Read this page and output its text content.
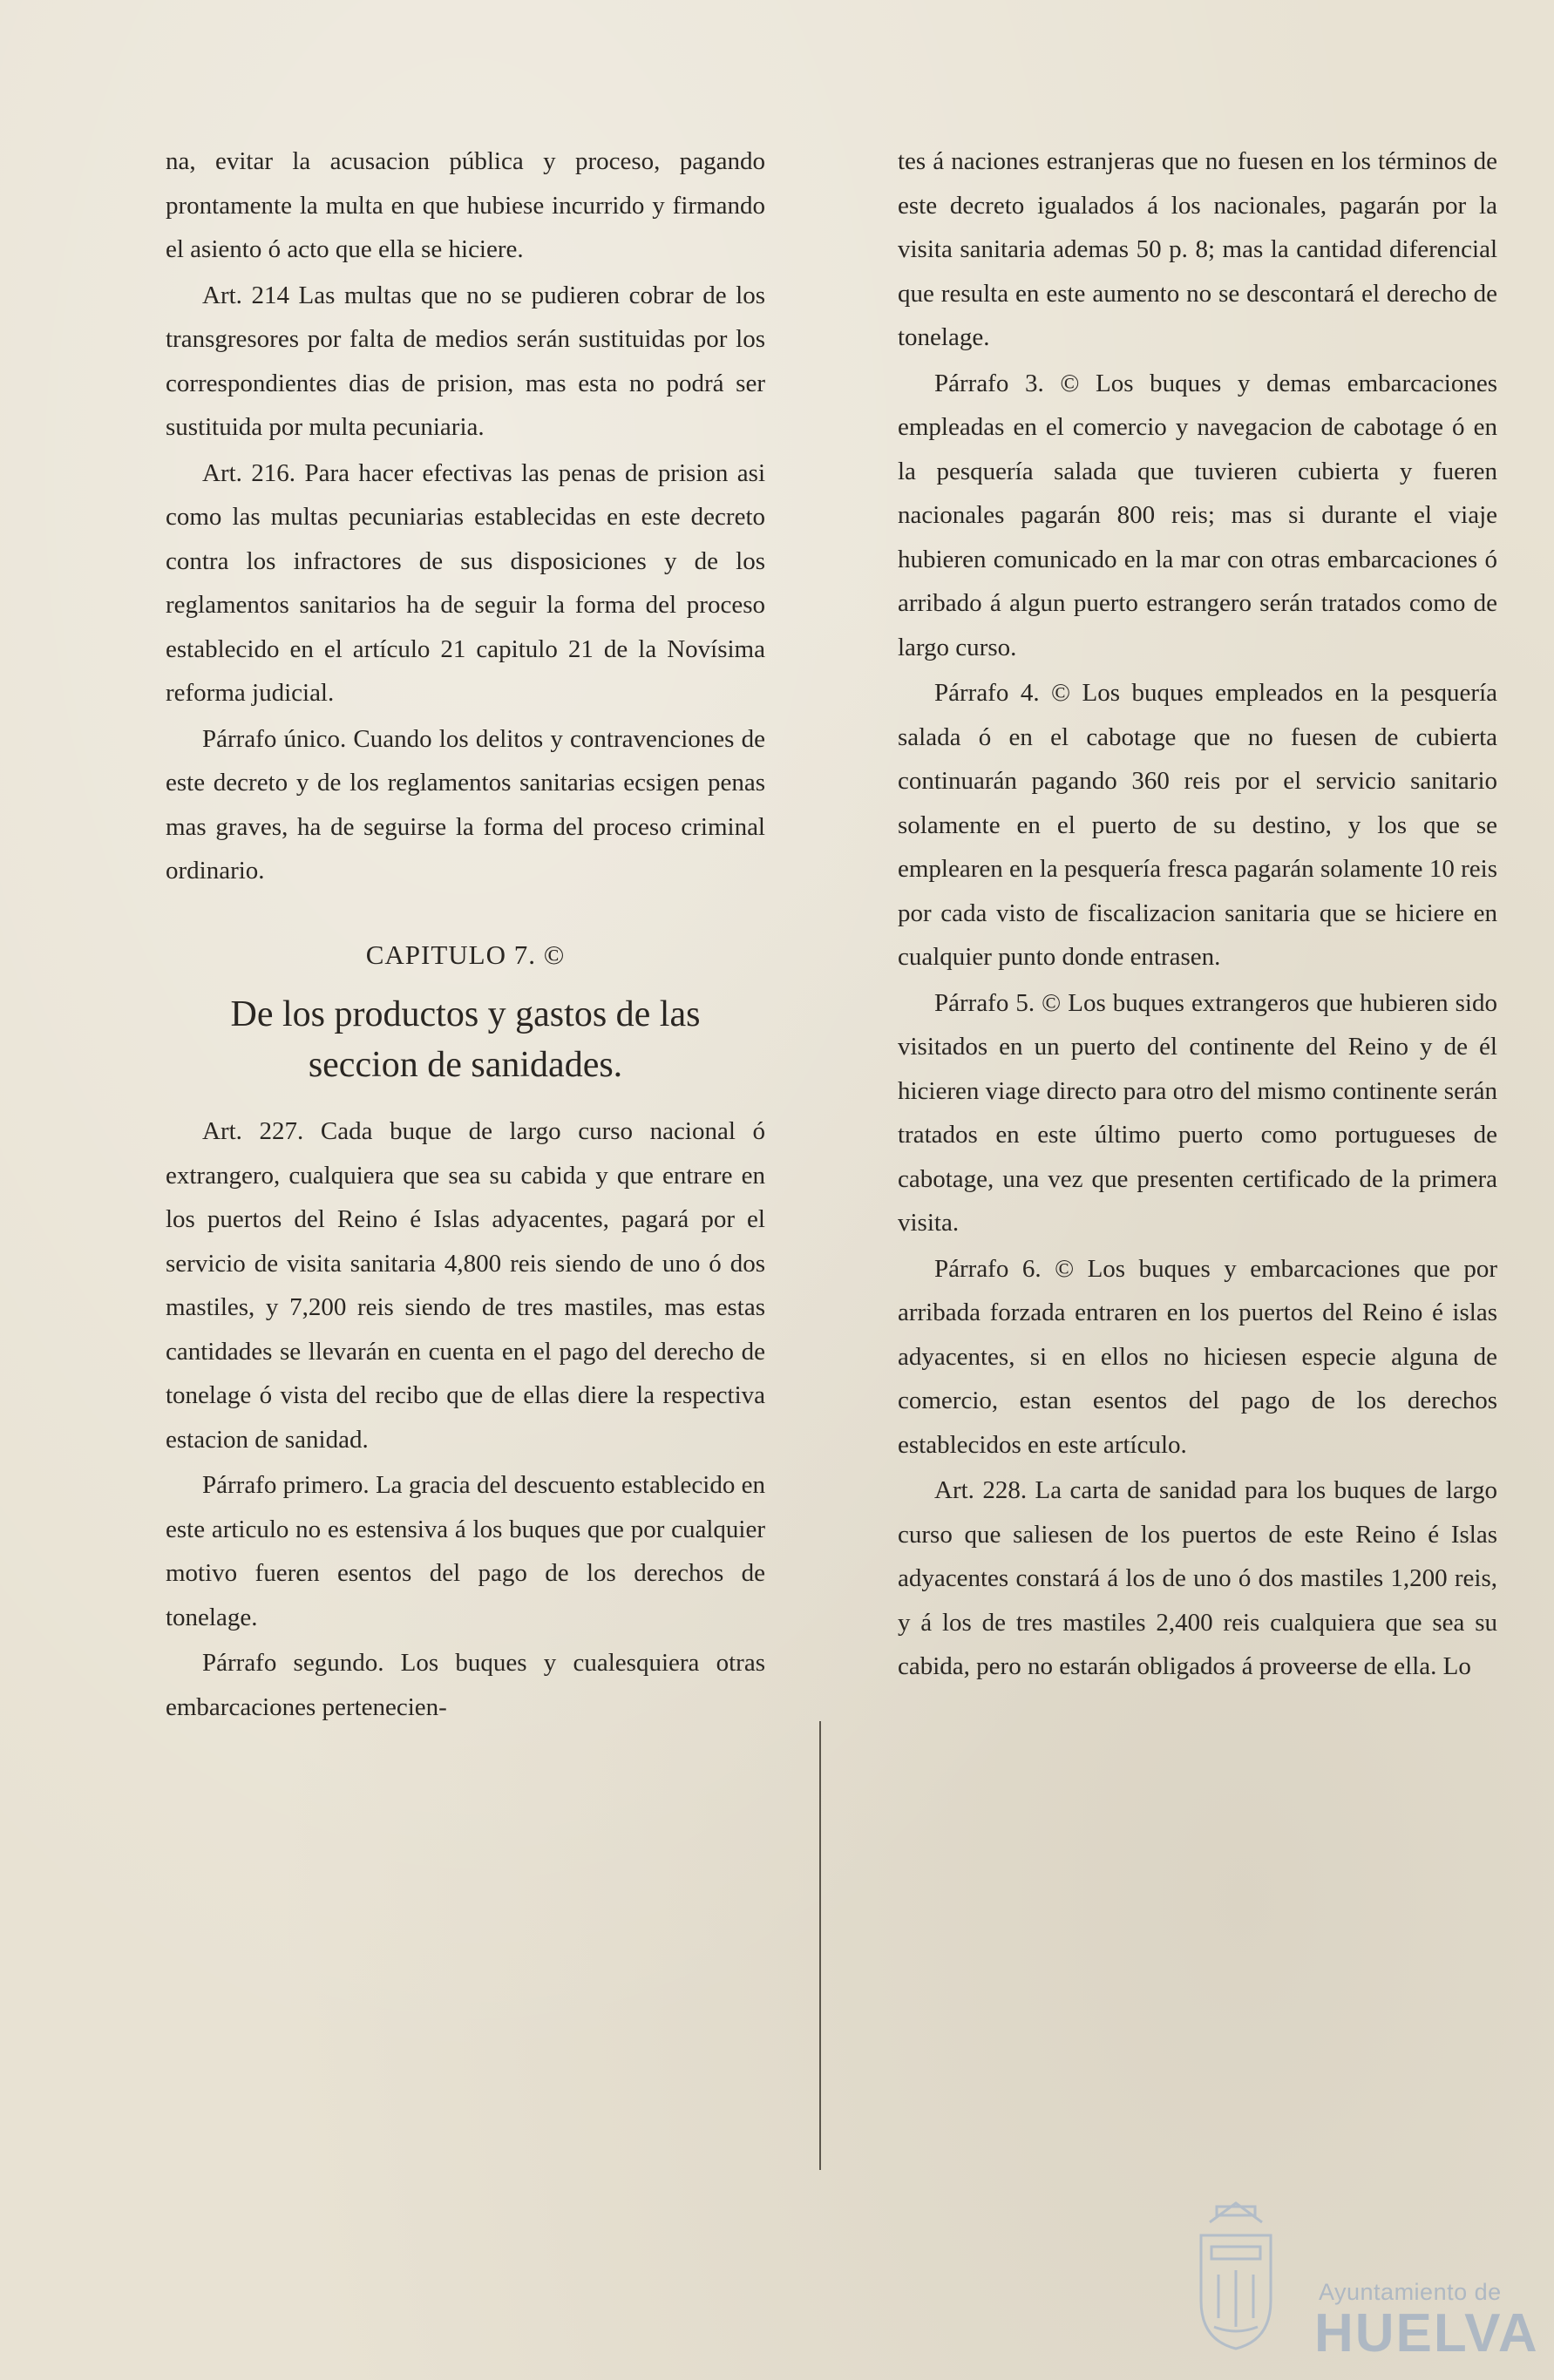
na, evitar la acusacion pública y proceso, pagando prontamente la multa en que hubiese incurrido y firmando el asiento ó acto que ella se hiciere.

Art. 214 Las multas que no se pudieren cobrar de los transgresores por falta de medios serán sustituidas por los correspondientes dias de prision, mas esta no podrá ser sustituida por multa pecuniaria.

Art. 216. Para hacer efectivas las penas de prision asi como las multas pecuniarias establecidas en este decreto contra los infractores de sus disposiciones y de los reglamentos sanitarios ha de seguir la forma del proceso establecido en el artículo 21 capitulo 21 de la Novísima reforma judicial.

Párrafo único. Cuando los delitos y contravenciones de este decreto y de los reglamentos sanitarias ecsigen penas mas graves, ha de seguirse la forma del proceso criminal ordinario.

CAPITULO 7. ©
De los productos y gastos de las
seccion de sanidades.

Art. 227. Cada buque de largo curso nacional ó extrangero, cualquiera que sea su cabida y que entrare en los puertos del Reino é Islas adyacentes, pagará por el servicio de visita sanitaria 4,800 reis siendo de uno ó dos mastiles, y 7,200 reis siendo de tres mastiles, mas estas cantidades se llevarán en cuenta en el pago del derecho de tonelage ó vista del recibo que de ellas diere la respectiva estacion de sanidad.

Párrafo primero. La gracia del descuento establecido en este articulo no es estensiva á los buques que por cualquier motivo fueren esentos del pago de los derechos de tonelage.

Párrafo segundo. Los buques y cualesquiera otras embarcaciones pertenecien-

tes á naciones estranjeras que no fuesen en los términos de este decreto igualados á los nacionales, pagarán por la visita sanitaria ademas 50 p. 8; mas la cantidad diferencial que resulta en este aumento no se descontará el derecho de tonelage.

Párrafo 3. © Los buques y demas embarcaciones empleadas en el comercio y navegacion de cabotage ó en la pesquería salada que tuvieren cubierta y fueren nacionales pagarán 800 reis; mas si durante el viaje hubieren comunicado en la mar con otras embarcaciones ó arribado á algun puerto estrangero serán tratados como de largo curso.

Párrafo 4. © Los buques empleados en la pesquería salada ó en el cabotage que no fuesen de cubierta continuarán pagando 360 reis por el servicio sanitario solamente en el puerto de su destino, y los que se emplearen en la pesquería fresca pagarán solamente 10 reis por cada visto de fiscalizacion sanitaria que se hiciere en cualquier punto donde entrasen.

Párrafo 5. © Los buques extrangeros que hubieren sido visitados en un puerto del continente del Reino y de él hicieren viage directo para otro del mismo continente serán tratados en este último puerto como portugueses de cabotage, una vez que presenten certificado de la primera visita.

Párrafo 6. © Los buques y embarcaciones que por arribada forzada entraren en los puertos del Reino é islas adyacentes, si en ellos no hiciesen especie alguna de comercio, estan esentos del pago de los derechos establecidos en este artículo.

Art. 228. La carta de sanidad para los buques de largo curso que saliesen de los puertos de este Reino é Islas adyacentes constará á los de uno ó dos mastiles 1,200 reis, y á los de tres mastiles 2,400 reis cualquiera que sea su cabida, pero no estarán obligados á proveerse de ella. Lo

Ayuntamiento de
HUELVA
